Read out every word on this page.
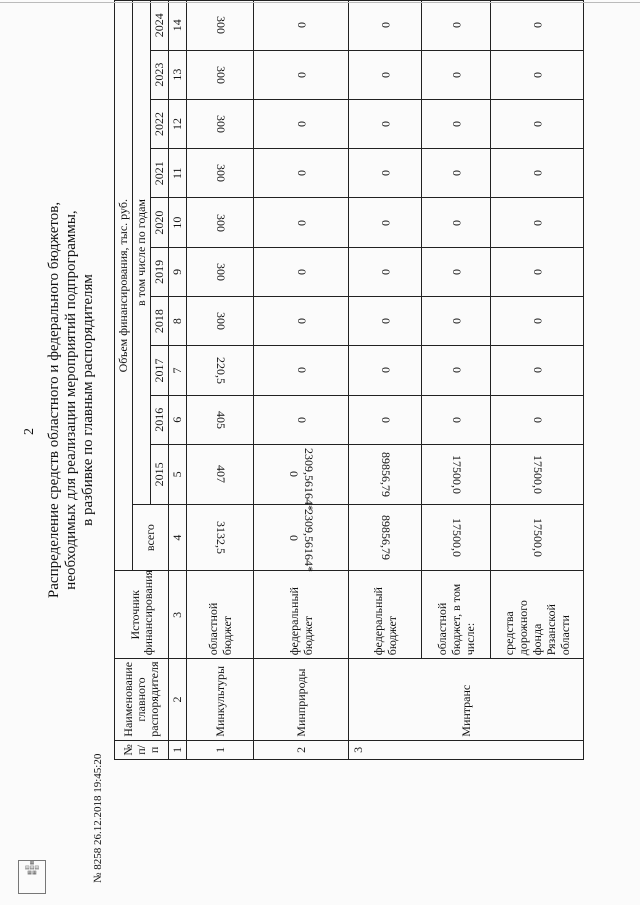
2 Распределение средств областного и федерального бюджетов, необходимых для реализации мероприятий подпрограммы, в разбивке по главным распорядителям
№ п/п	Наименование главного распорядителя	Источник финансирования	Объем финансирования, тыс. руб.										
			всего	в том числе по годам									
				2015	2016	2017	2018	2019	2020	2021	2022	2023	2024
1	2	3	4	5	6	7	8	9	10	11	12	13	14
1	Минкультуры	областной бюджет	3132,5	407	405	220,5	300	300	300	300	300	300	300
2	Минприроды	федеральный бюджет	2309,56164* 0	2309,56164* 0	0	0	0	0	0	0	0	0	0
3	Минтранс	федеральный бюджет	89856,79	89856,79	0	0	0	0	0	0	0	0	0
		областной бюджет, в том числе:	17500,0	17500,0	0	0	0	0	0	0	0	0	0
		средства дорожного фонда Рязанской области	17500,0	17500,0	0	0	0	0	0	0	0	0	0
▦
▤▤▤
▦▦	№ 8258 26.12.2018 19:45:20
